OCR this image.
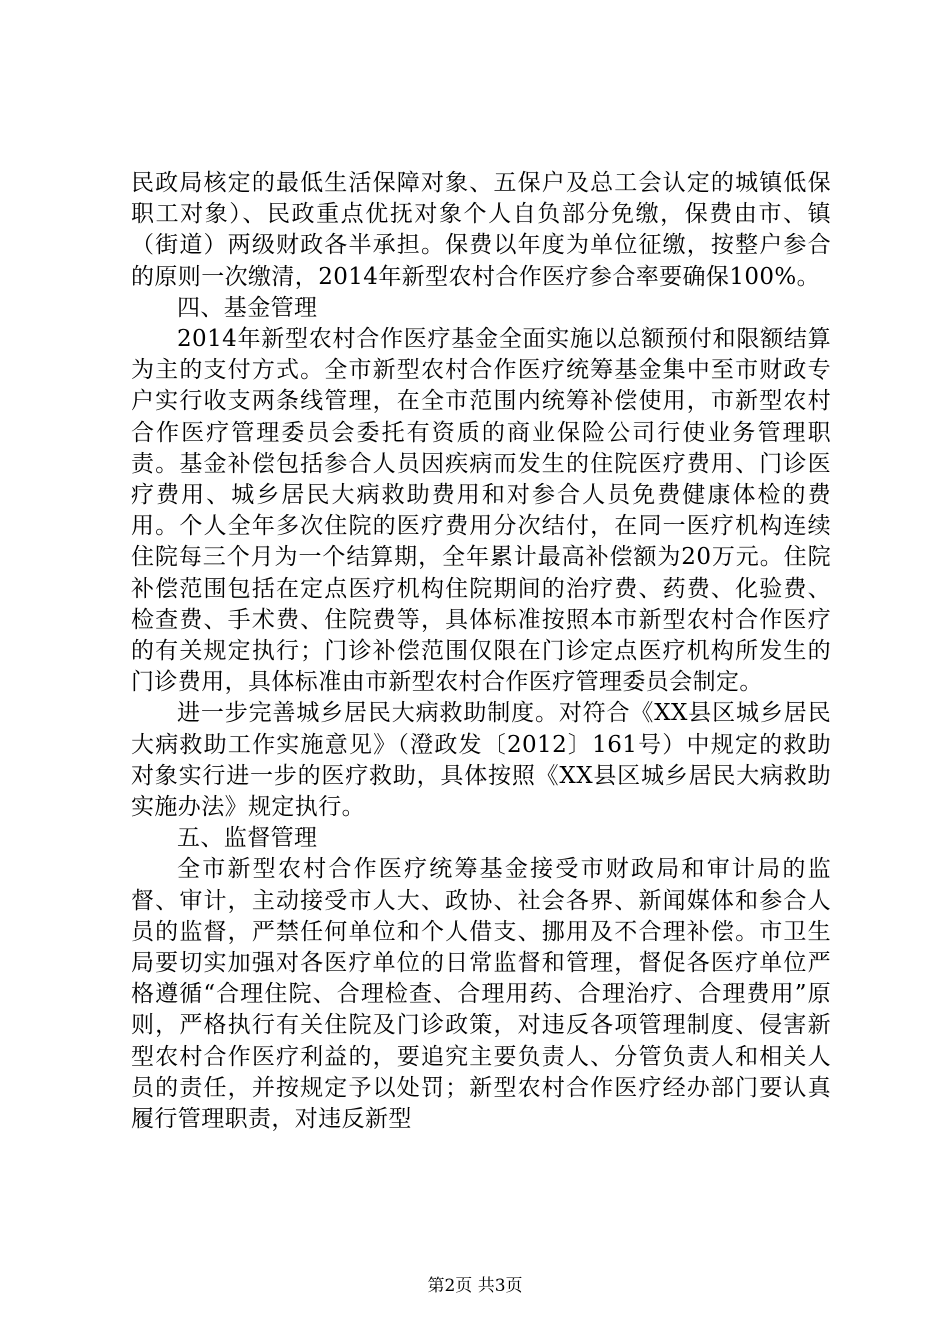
民政局核定的最低生活保障对象、五保户及总工会认定的城镇低保职工对象）、民政重点优抚对象个人自负部分免缴，保费由市、镇（街道）两级财政各半承担。保费以年度为单位征缴，按整户参合的原则一次缴清，2014年新型农村合作医疗参合率要确保100%。

四、基金管理

2014年新型农村合作医疗基金全面实施以总额预付和限额结算为主的支付方式。全市新型农村合作医疗统筹基金集中至市财政专户实行收支两条线管理，在全市范围内统筹补偿使用，市新型农村合作医疗管理委员会委托有资质的商业保险公司行使业务管理职责。基金补偿包括参合人员因疾病而发生的住院医疗费用、门诊医疗费用、城乡居民大病救助费用和对参合人员免费健康体检的费用。个人全年多次住院的医疗费用分次结付，在同一医疗机构连续住院每三个月为一个结算期，全年累计最高补偿额为20万元。住院补偿范围包括在定点医疗机构住院期间的治疗费、药费、化验费、检查费、手术费、住院费等，具体标准按照本市新型农村合作医疗的有关规定执行；门诊补偿范围仅限在门诊定点医疗机构所发生的门诊费用，具体标准由市新型农村合作医疗管理委员会制定。

进一步完善城乡居民大病救助制度。对符合《XX县区城乡居民大病救助工作实施意见》（澄政发〔2012〕161号）中规定的救助对象实行进一步的医疗救助，具体按照《XX县区城乡居民大病救助实施办法》规定执行。

五、监督管理

全市新型农村合作医疗统筹基金接受市财政局和审计局的监督、审计，主动接受市人大、政协、社会各界、新闻媒体和参合人员的监督，严禁任何单位和个人借支、挪用及不合理补偿。市卫生局要切实加强对各医疗单位的日常监督和管理，督促各医疗单位严格遵循“合理住院、合理检查、合理用药、合理治疗、合理费用”原则，严格执行有关住院及门诊政策，对违反各项管理制度、侵害新型农村合作医疗利益的，要追究主要负责人、分管负责人和相关人员的责任，并按规定予以处罚；新型农村合作医疗经办部门要认真履行管理职责，对违反新型

第2页 共3页
